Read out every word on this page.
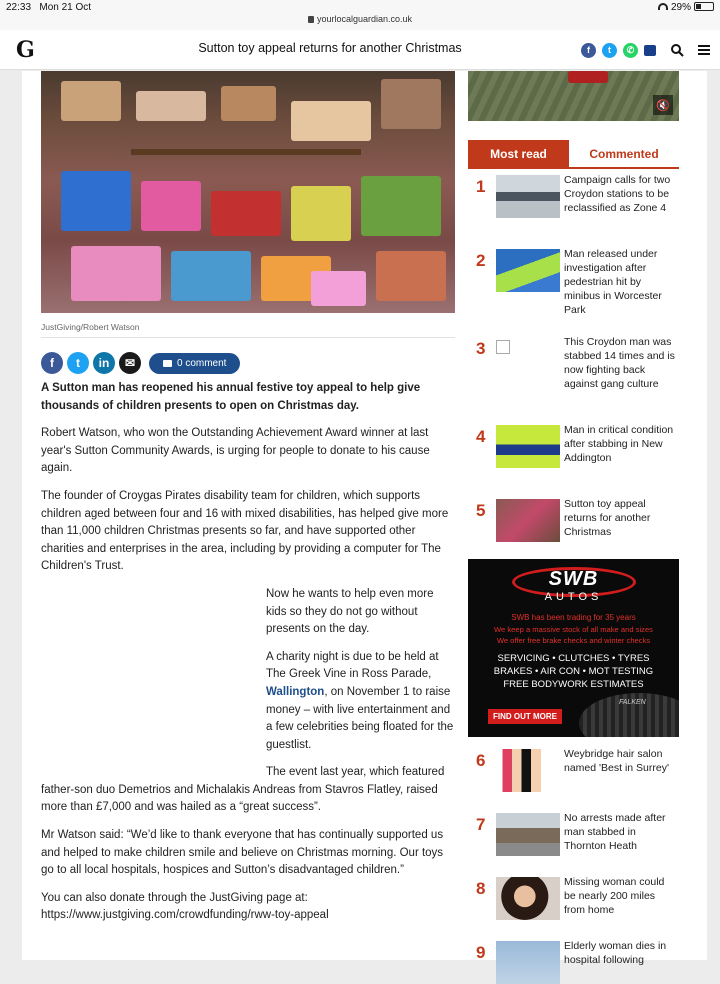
22:33 Mon 21 Oct
yourlocalguardian.co.uk
29%
G	Sutton toy appeal returns for another Christmas	f	t	✆
JustGiving/Robert Watson
f	t	in	✉	0 comment

A Sutton man has reopened his annual festive toy appeal to help give thousands of children presents to open on Christmas day.

Robert Watson, who won the Outstanding Achievement Award winner at last year's Sutton Community Awards, is urging for people to donate to his cause again.

The founder of Croygas Pirates disability team for children, which supports children aged between four and 16 with mixed disabilities, has helped give more than 11,000 children Christmas presents so far, and have supported other charities and enterprises in the area, including by providing a computer for The Children's Trust.

Now he wants to help even more kids so they do not go without presents on the day.

A charity night is due to be held at The Greek Vine in Ross Parade, Wallington, on November 1 to raise money – with live entertainment and a few celebrities being floated for the guestlist.

The event last year, which featured father-son duo Demetrios and Michalakis Andreas from Stavros Flatley, raised more than £7,000 and was hailed as a “great success”.

Mr Watson said: “We’d like to thank everyone that has continually supported us and helped to make children smile and believe on Christmas morning. Our toys go to all local hospitals, hospices and Sutton’s disadvantaged children.”

You can also donate through the JustGiving page at: https://www.justgiving.com/crowdfunding/rww-toy-appeal

🔇
Most read	Commented
1	Campaign calls for two Croydon stations to be reclassified as Zone 4
2	Man released under investigation after pedestrian hit by minibus in Worcester Park
3	This Croydon man was stabbed 14 times and is now fighting back against gang culture
4	Man in critical condition after stabbing in New Addington
5	Sutton toy appeal returns for another Christmas
SWB
AUTOS
SWB has been trading for 35 years
We keep a massive stock of all make and sizes
We offer free brake checks and winter checks
SERVICING • CLUTCHES • TYRES
BRAKES • AIR CON • MOT TESTING
FREE BODYWORK ESTIMATES
FALKEN
FIND OUT MORE
6	Weybridge hair salon named 'Best in Surrey'
7	No arrests made after man stabbed in Thornton Heath
8	Missing woman could be nearly 200 miles from home
9	Elderly woman dies in hospital following
